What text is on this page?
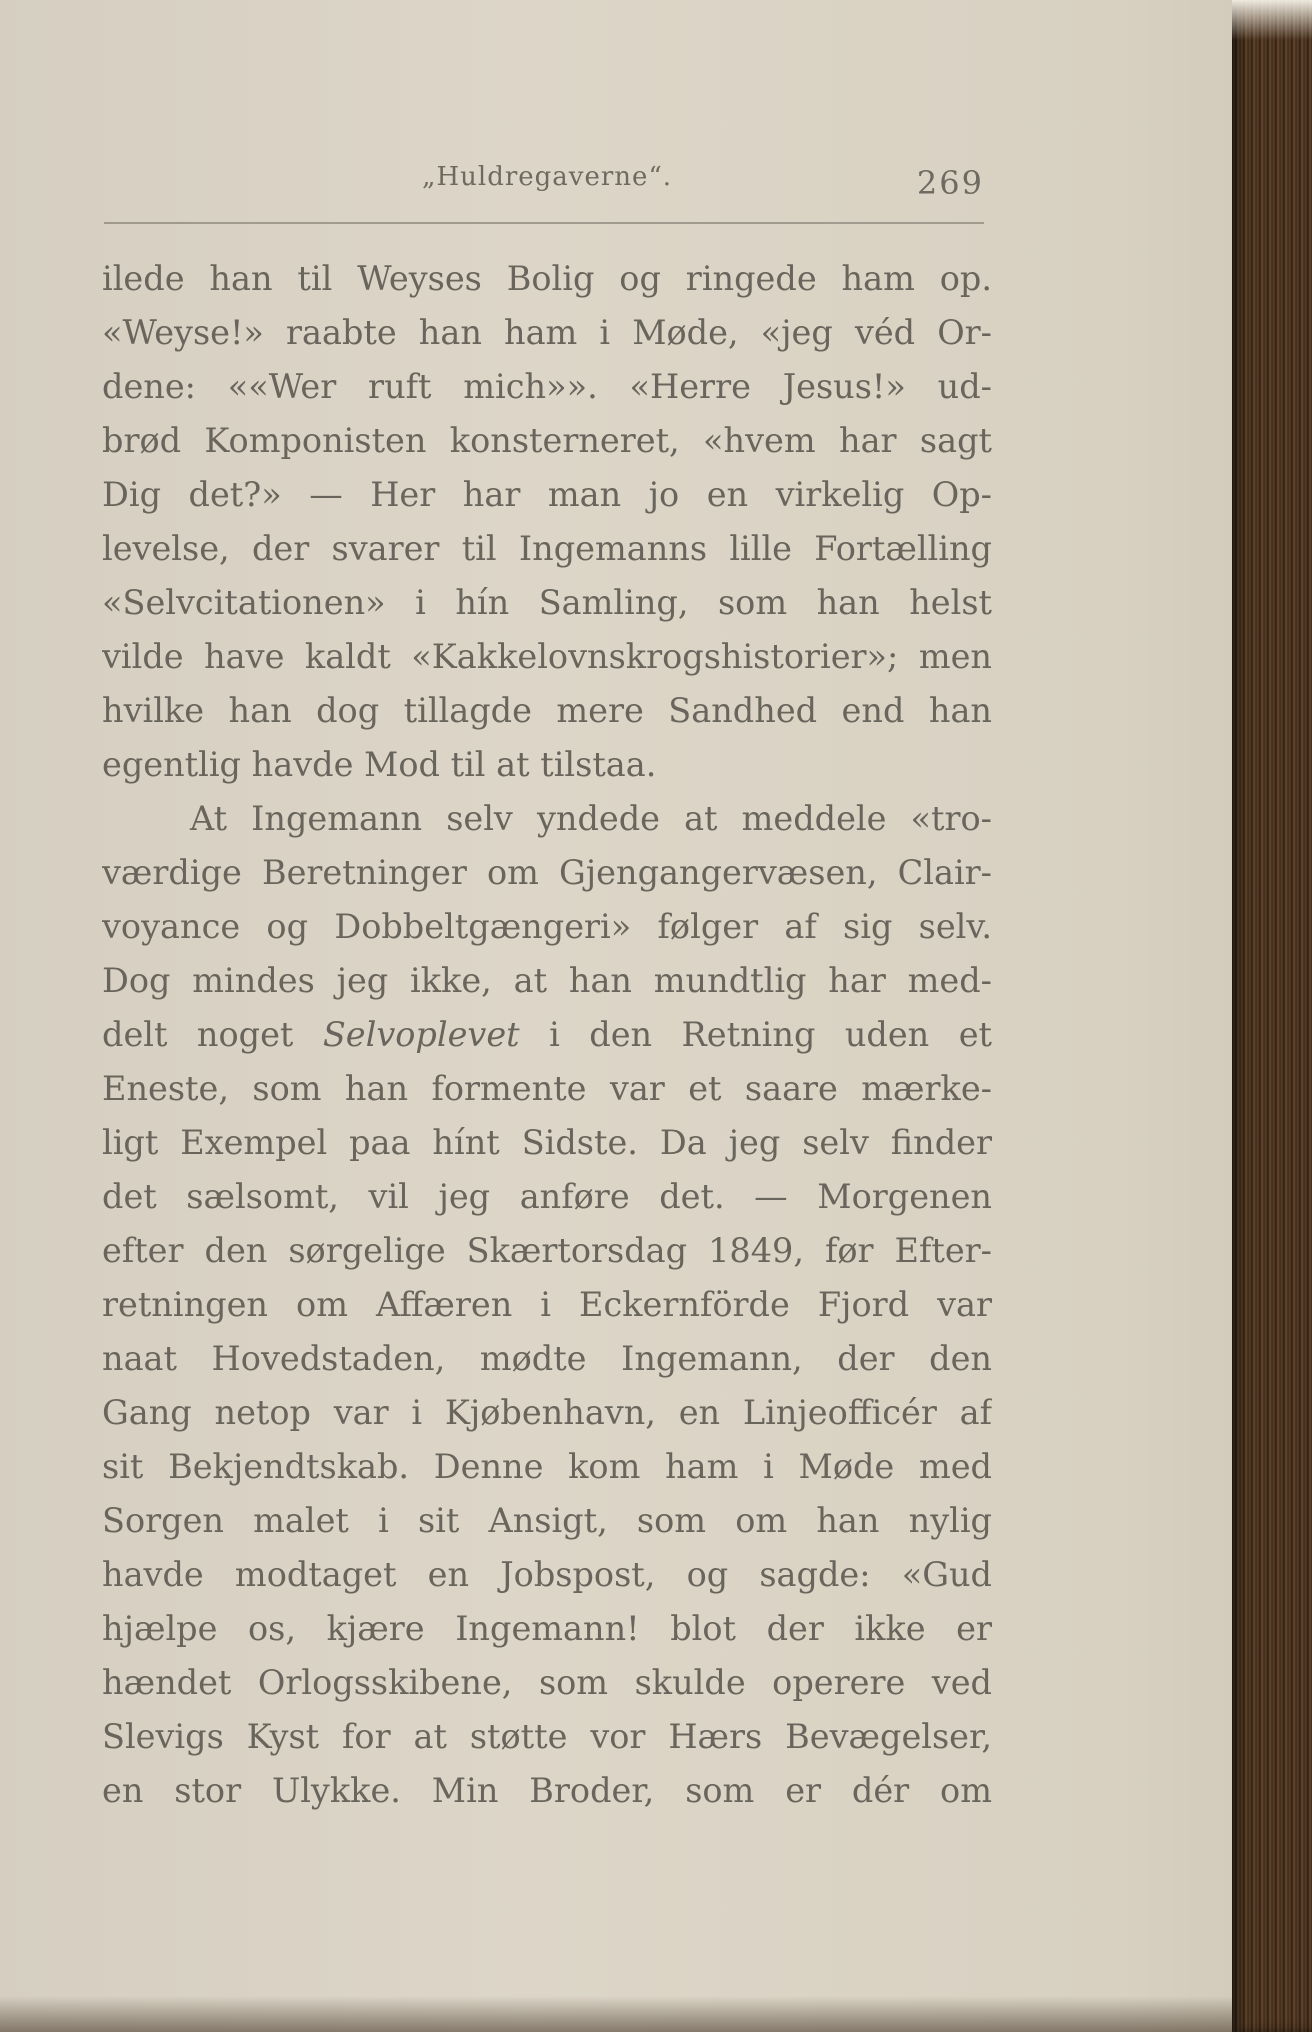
„Huldregaverne“.	269
ilede han til Weyses Bolig og ringede ham op.
«Weyse!» raabte han ham i Møde, «jeg véd Or-
dene: ««Wer ruft mich»». «Herre Jesus!» ud-
brød Komponisten konsterneret, «hvem har sagt
Dig det?» — Her har man jo en virkelig Op-
levelse, der svarer til Ingemanns lille Fortælling
«Selvcitationen» i hín Samling, som han helst
vilde have kaldt «Kakkelovnskrogshistorier»; men
hvilke han dog tillagde mere Sandhed end han
egentlig havde Mod til at tilstaa.
At Ingemann selv yndede at meddele «tro-
værdige Beretninger om Gjengangervæsen, Clair-
voyance og Dobbeltgængeri» følger af sig selv.
Dog mindes jeg ikke, at han mundtlig har med-
delt noget Selvoplevet i den Retning uden et
Eneste, som han formente var et saare mærke-
ligt Exempel paa hínt Sidste. Da jeg selv finder
det sælsomt, vil jeg anføre det. — Morgenen
efter den sørgelige Skærtorsdag 1849, før Efter-
retningen om Affæren i Eckernförde Fjord var
naat Hovedstaden, mødte Ingemann, der den
Gang netop var i Kjøbenhavn, en Linjeofficér af
sit Bekjendtskab. Denne kom ham i Møde med
Sorgen malet i sit Ansigt, som om han nylig
havde modtaget en Jobspost, og sagde: «Gud
hjælpe os, kjære Ingemann! blot der ikke er
hændet Orlogsskibene, som skulde operere ved
Slevigs Kyst for at støtte vor Hærs Bevægelser,
en stor Ulykke. Min Broder, som er dér om
